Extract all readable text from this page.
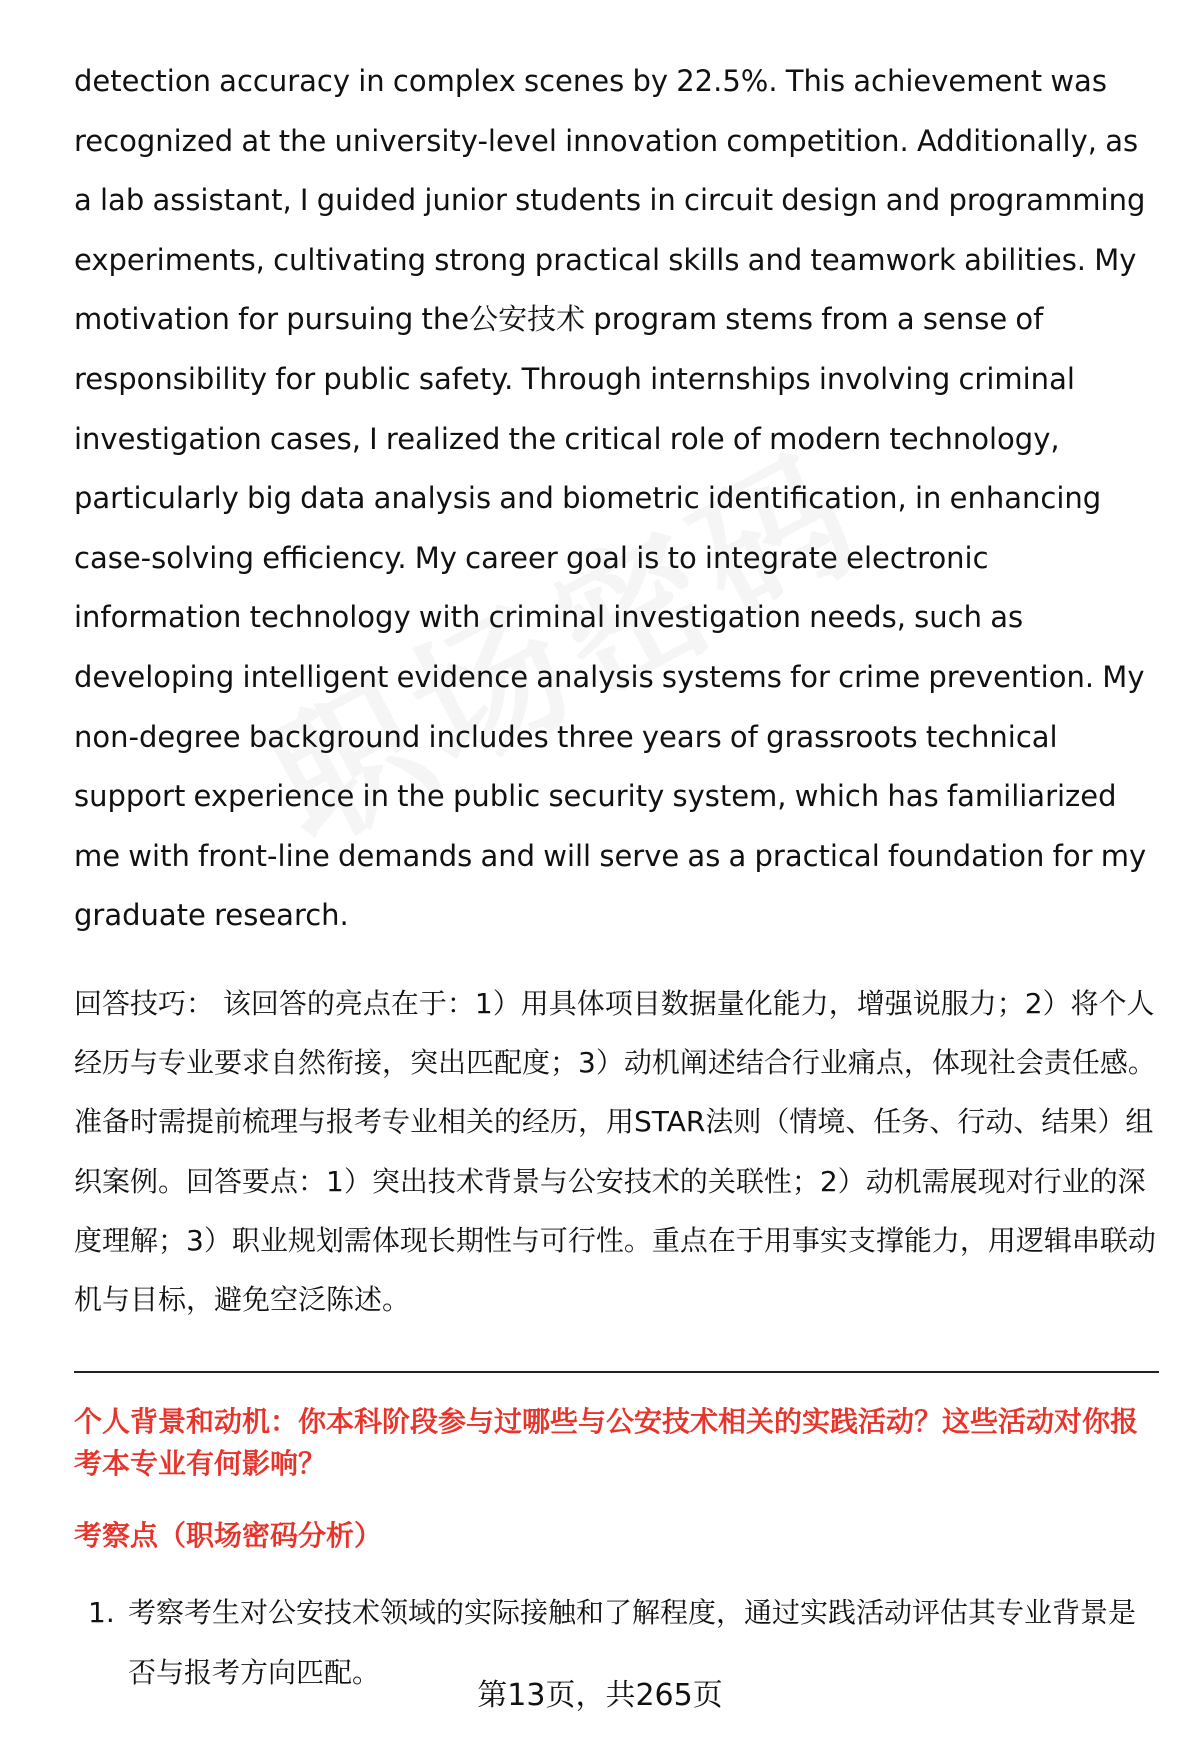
detection accuracy in complex scenes by 22.5%. This achievement was recognized at the university-level innovation competition. Additionally, as a lab assistant, I guided junior students in circuit design and programming experiments, cultivating strong practical skills and teamwork abilities. My motivation for pursuing the公安技术 program stems from a sense of responsibility for public safety. Through internships involving criminal investigation cases, I realized the critical role of modern technology, particularly big data analysis and biometric identification, in enhancing case-solving efficiency. My career goal is to integrate electronic information technology with criminal investigation needs, such as developing intelligent evidence analysis systems for crime prevention. My non-degree background includes three years of grassroots technical support experience in the public security system, which has familiarized me with front-line demands and will serve as a practical foundation for my graduate research.

回答技巧： 该回答的亮点在于：1）用具体项目数据量化能力，增强说服力；2）将个人经历与专业要求自然衔接，突出匹配度；3）动机阐述结合行业痛点，体现社会责任感。准备时需提前梳理与报考专业相关的经历，用STAR法则（情境、任务、行动、结果）组织案例。回答要点：1）突出技术背景与公安技术的关联性；2）动机需展现对行业的深度理解；3）职业规划需体现长期性与可行性。重点在于用事实支撑能力，用逻辑串联动机与目标，避免空泛陈述。

个人背景和动机：你本科阶段参与过哪些与公安技术相关的实践活动？这些活动对你报考本专业有何影响？
考察点（职场密码分析）
1. 考察考生对公安技术领域的实际接触和了解程度，通过实践活动评估其专业背景是否与报考方向匹配。
第13页，共265页
